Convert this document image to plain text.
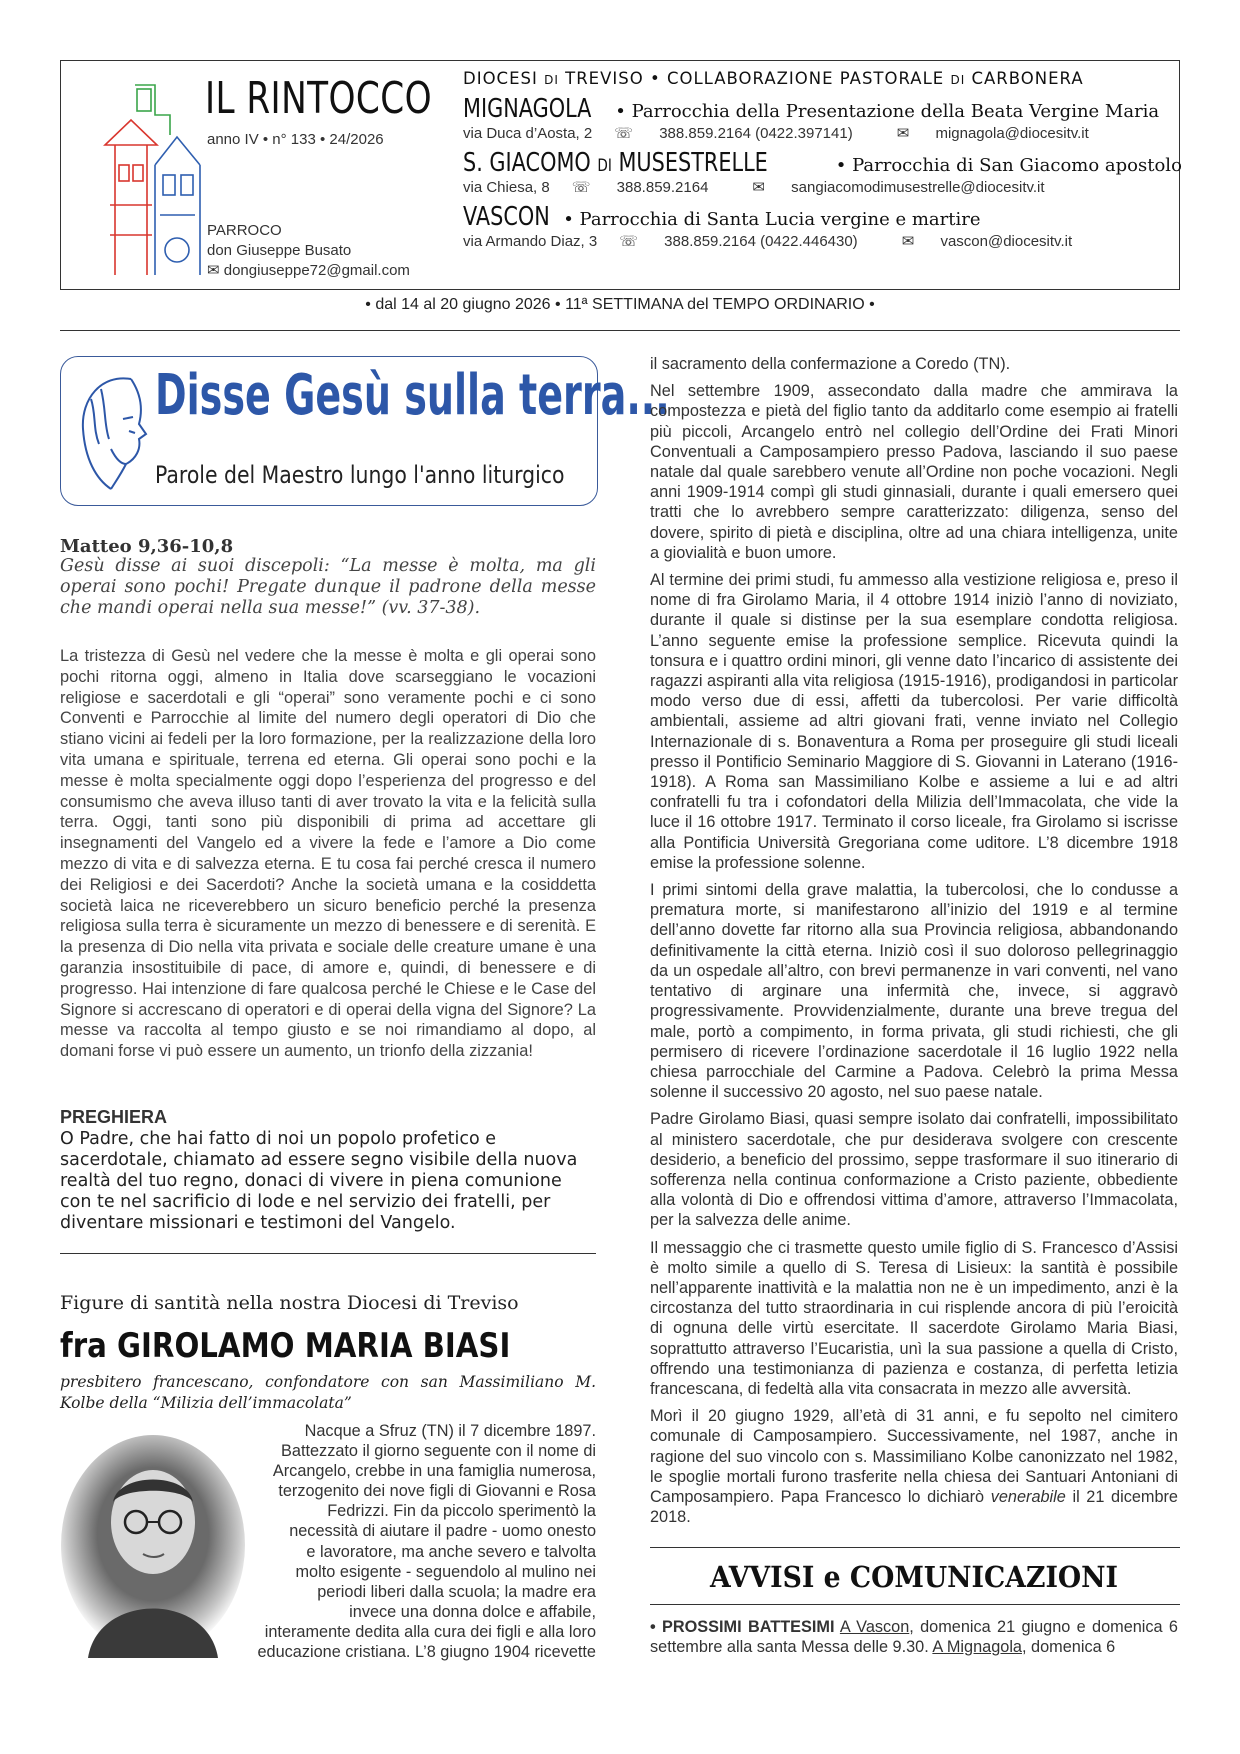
IL RINTOCCO
anno IV • n° 133 • 24/2026
PARROCO
don Giuseppe Busato
✉ dongiuseppe72@gmail.com
DIOCESI DI TREVISO • COLLABORAZIONE PASTORALE DI CARBONERA
MIGNAGOLA • Parrocchia della Presentazione della Beata Vergine Maria
via Duca d’Aosta, 2 ☏ 388.859.2164 (0422.397141)	✉ mignagola@diocesitv.it
S. GIACOMO DI MUSESTRELLE	• Parrocchia di San Giacomo apostolo
via Chiesa, 8 ☏ 388.859.2164	✉ sangiacomodimusestrelle@diocesitv.it
VASCON • Parrocchia di Santa Lucia vergine e martire
via Armando Diaz, 3 ☏ 388.859.2164 (0422.446430)	✉ vascon@diocesitv.it
• dal 14 al 20 giugno 2026 • 11ª SETTIMANA del TEMPO ORDINARIO •
Disse Gesù sulla terra...
Parole del Maestro lungo l'anno liturgico
Matteo 9,36-10,8
Gesù disse ai suoi discepoli: “La messe è molta, ma gli operai sono pochi! Pregate dunque il padrone della messe che mandi operai nella sua messe!” (vv. 37-38).
La tristezza di Gesù nel vedere che la messe è molta e gli operai sono pochi ritorna oggi, almeno in Italia dove scarseggiano le vocazioni religiose e sacerdotali e gli “operai” sono veramente pochi e ci sono Conventi e Parrocchie al limite del numero degli operatori di Dio che stiano vicini ai fedeli per la loro formazione, per la realizzazione della loro vita umana e spirituale, terrena ed eterna. Gli operai sono pochi e la messe è molta specialmente oggi dopo l’esperienza del progresso e del consumismo che aveva illuso tanti di aver trovato la vita e la felicità sulla terra. Oggi, tanti sono più disponibili di prima ad accettare gli insegnamenti del Vangelo ed a vivere la fede e l’amore a Dio come mezzo di vita e di salvezza eterna. E tu cosa fai perché cresca il numero dei Religiosi e dei Sacerdoti? Anche la società umana e la cosiddetta società laica ne riceverebbero un sicuro beneficio perché la presenza religiosa sulla terra è sicuramente un mezzo di benessere e di serenità. E la presenza di Dio nella vita privata e sociale delle creature umane è una garanzia insostituibile di pace, di amore e, quindi, di benessere e di progresso. Hai intenzione di fare qualcosa perché le Chiese e le Case del Signore si accrescano di operatori e di operai della vigna del Signore? La messe va raccolta al tempo giusto e se noi rimandiamo al dopo, al domani forse vi può essere un aumento, un trionfo della zizzania!
PREGHIERA
O Padre, che hai fatto di noi un popolo profetico e sacerdotale, chiamato ad essere segno visibile della nuova realtà del tuo regno, donaci di vivere in piena comunione con te nel sacrificio di lode e nel servizio dei fratelli, per diventare missionari e testimoni del Vangelo.
Figure di santità nella nostra Diocesi di Treviso
fra GIROLAMO MARIA BIASI
presbitero francescano, confondatore con san Massimiliano M. Kolbe della “Milizia dell’immacolata”
Nacque a Sfruz (TN) il 7 dicembre 1897.
Battezzato il giorno seguente con il nome di
Arcangelo, crebbe in una famiglia numerosa,
terzogenito dei nove figli di Giovanni e Rosa
Fedrizzi. Fin da piccolo sperimentò la
necessità di aiutare il padre - uomo onesto
e lavoratore, ma anche severo e talvolta
molto esigente - seguendolo al mulino nei
periodi liberi dalla scuola; la madre era
invece una donna dolce e affabile,
interamente dedita alla cura dei figli e alla loro
educazione cristiana. L’8 giugno 1904 ricevette

il sacramento della confermazione a Coredo (TN).

Nel settembre 1909, assecondato dalla madre che ammirava la compostezza e pietà del figlio tanto da additarlo come esempio ai fratelli più piccoli, Arcangelo entrò nel collegio dell’Ordine dei Frati Minori Conventuali a Camposampiero presso Padova, lasciando il suo paese natale dal quale sarebbero venute all’Ordine non poche vocazioni. Negli anni 1909-1914 compì gli studi ginnasiali, durante i quali emersero quei tratti che lo avrebbero sempre caratterizzato: diligenza, senso del dovere, spirito di pietà e disciplina, oltre ad una chiara intelligenza, unite a giovialità e buon umore.

Al termine dei primi studi, fu ammesso alla vestizione religiosa e, preso il nome di fra Girolamo Maria, il 4 ottobre 1914 iniziò l’anno di noviziato, durante il quale si distinse per la sua esemplare condotta religiosa. L’anno seguente emise la professione semplice. Ricevuta quindi la tonsura e i quattro ordini minori, gli venne dato l’incarico di assistente dei ragazzi aspiranti alla vita religiosa (1915-1916), prodigandosi in particolar modo verso due di essi, affetti da tubercolosi. Per varie difficoltà ambientali, assieme ad altri giovani frati, venne inviato nel Collegio Internazionale di s. Bonaventura a Roma per proseguire gli studi liceali presso il Pontificio Seminario Maggiore di S. Giovanni in Laterano (1916-1918). A Roma san Massimiliano Kolbe e assieme a lui e ad altri confratelli fu tra i cofondatori della Milizia dell’Immacolata, che vide la luce il 16 ottobre 1917. Terminato il corso liceale, fra Girolamo si iscrisse alla Pontificia Università Gregoriana come uditore. L’8 dicembre 1918 emise la professione solenne.

I primi sintomi della grave malattia, la tubercolosi, che lo condusse a prematura morte, si manifestarono all’inizio del 1919 e al termine dell’anno dovette far ritorno alla sua Provincia religiosa, abbandonando definitivamente la città eterna. Iniziò così il suo doloroso pellegrinaggio da un ospedale all’altro, con brevi permanenze in vari conventi, nel vano tentativo di arginare una infermità che, invece, si aggravò progressivamente. Provvidenzialmente, durante una breve tregua del male, portò a compimento, in forma privata, gli studi richiesti, che gli permisero di ricevere l’ordinazione sacerdotale il 16 luglio 1922 nella chiesa parrocchiale del Carmine a Padova. Celebrò la prima Messa solenne il successivo 20 agosto, nel suo paese natale.

Padre Girolamo Biasi, quasi sempre isolato dai confratelli, impossibilitato al ministero sacerdotale, che pur desiderava svolgere con crescente desiderio, a beneficio del prossimo, seppe trasformare il suo itinerario di sofferenza nella continua conformazione a Cristo paziente, obbediente alla volontà di Dio e offrendosi vittima d’amore, attraverso l’Immacolata, per la salvezza delle anime.

Il messaggio che ci trasmette questo umile figlio di S. Francesco d’Assisi è molto simile a quello di S. Teresa di Lisieux: la santità è possibile nell’apparente inattività e la malattia non ne è un impedimento, anzi è la circostanza del tutto straordinaria in cui risplende ancora di più l’eroicità di ognuna delle virtù esercitate. Il sacerdote Girolamo Maria Biasi, soprattutto attraverso l’Eucaristia, unì la sua passione a quella di Cristo, offrendo una testimonianza di pazienza e costanza, di perfetta letizia francescana, di fedeltà alla vita consacrata in mezzo alle avversità.

Morì il 20 giugno 1929, all’età di 31 anni, e fu sepolto nel cimitero comunale di Camposampiero. Successivamente, nel 1987, anche in ragione del suo vincolo con s. Massimiliano Kolbe canonizzato nel 1982, le spoglie mortali furono trasferite nella chiesa dei Santuari Antoniani di Camposampiero. Papa Francesco lo dichiarò venerabile il 21 dicembre 2018.

AVVISI e COMUNICAZIONI
• PROSSIMI BATTESIMI A Vascon, domenica 21 giugno e domenica 6 settembre alla santa Messa delle 9.30. A Mignagola, domenica 6
